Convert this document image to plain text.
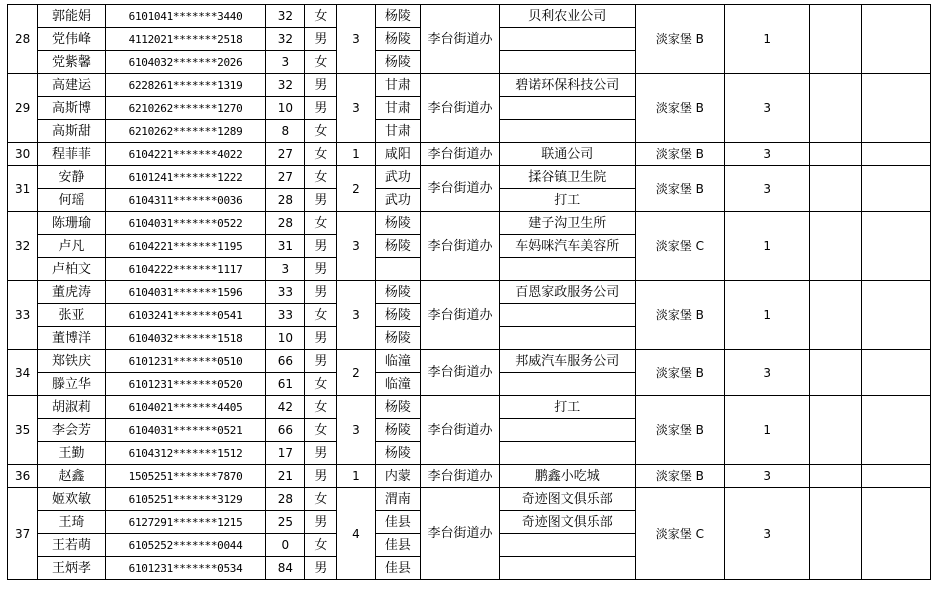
28	郭能娟	6101041*******3440	32	女	3	杨陵	李台街道办	贝利农业公司	淡家堡 B	1		
	党伟峰	4112021*******2518	32	男		杨陵						
	党紫馨	6104032*******2026	3	女		杨陵						
29	高建运	6228261*******1319	32	男	3	甘肃	李台街道办	碧诺环保科技公司	淡家堡 B	3		
	高斯博	6210262*******1270	10	男		甘肃						
	高斯甜	6210262*******1289	8	女		甘肃						
30	程菲菲	6104221*******4022	27	女	1	咸阳	李台街道办	联通公司	淡家堡 B	3		
31	安静	6101241*******1222	27	女	2	武功	李台街道办	揉谷镇卫生院	淡家堡 B	3		
	何瑶	6104311*******0036	28	男		武功		打工				
32	陈珊瑜	6104031*******0522	28	女	3	杨陵	李台街道办	建子沟卫生所	淡家堡 C	1		
	卢凡	6104221*******1195	31	男		杨陵		车妈咪汽车美容所				
	卢柏文	6104222*******1117	3	男								
33	董虎涛	6104031*******1596	33	男	3	杨陵	李台街道办	百恩家政服务公司	淡家堡 B	1		
	张亚	6103241*******0541	33	女		杨陵						
	董博洋	6104032*******1518	10	男		杨陵						
34	郑铁庆	6101231*******0510	66	男	2	临潼	李台街道办	邦威汽车服务公司	淡家堡 B	3		
	滕立华	6101231*******0520	61	女		临潼						
35	胡淑莉	6104021*******4405	42	女	3	杨陵	李台街道办	打工	淡家堡 B	1		
	李会芳	6104031*******0521	66	女		杨陵						
	王勤	6104312*******1512	17	男		杨陵						
36	赵鑫	1505251*******7870	21	男	1	内蒙	李台街道办	鹏鑫小吃城	淡家堡 B	3		
37	姬欢敏	6105251*******3129	28	女	4	渭南	李台街道办	奇迹图文俱乐部	淡家堡 C	3		
	王琦	6127291*******1215	25	男		佳县		奇迹图文俱乐部				
	王若萌	6105252*******0044	0	女		佳县						
	王炳孝	6101231*******0534	84	男		佳县						
